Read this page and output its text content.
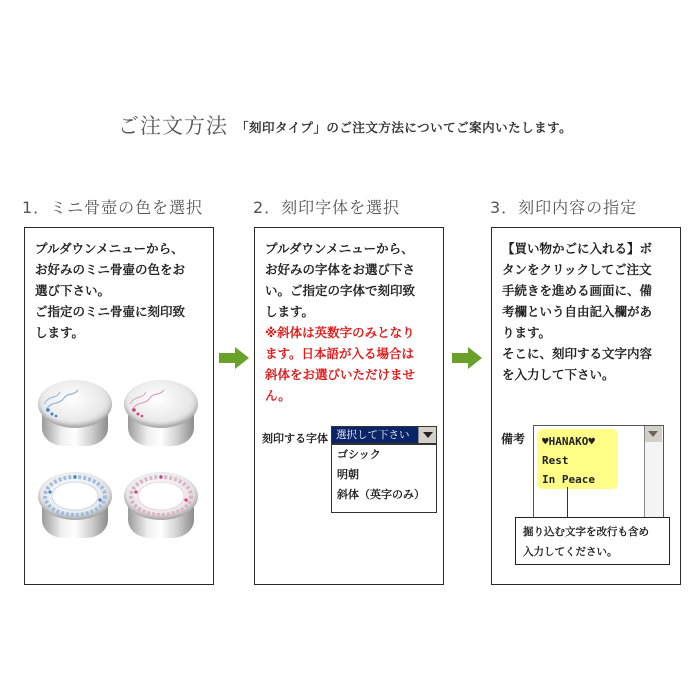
ご注文方法 「刻印タイプ」のご注文方法についてご案内いたします。
1．ミニ骨壺の色を選択	2．刻印字体を選択	3．刻印内容の指定
プルダウンメニューから、
お好みのミニ骨壷の色をお
選び下さい。
ご指定のミニ骨壷に刻印致
します。
プルダウンメニューから、
お好みの字体をお選び下さ
い。ご指定の字体で刻印致
します。
※斜体は英数字のみとなり
ます。日本語が入る場合は
斜体をお選びいただけませ
ん。
刻印する字体 選択して下さい
ゴシック
明朝
斜体（英字のみ）
【買い物かごに入れる】ボ
タンをクリックしてご注文
手続きを進める画面に、備
考欄という自由記入欄があ
ります。
そこに、刻印する文字内容
を入力して下さい。
備考 ♥HANAKO♥
Rest
In Peace
掘り込む文字を改行も含め
入力してください。
